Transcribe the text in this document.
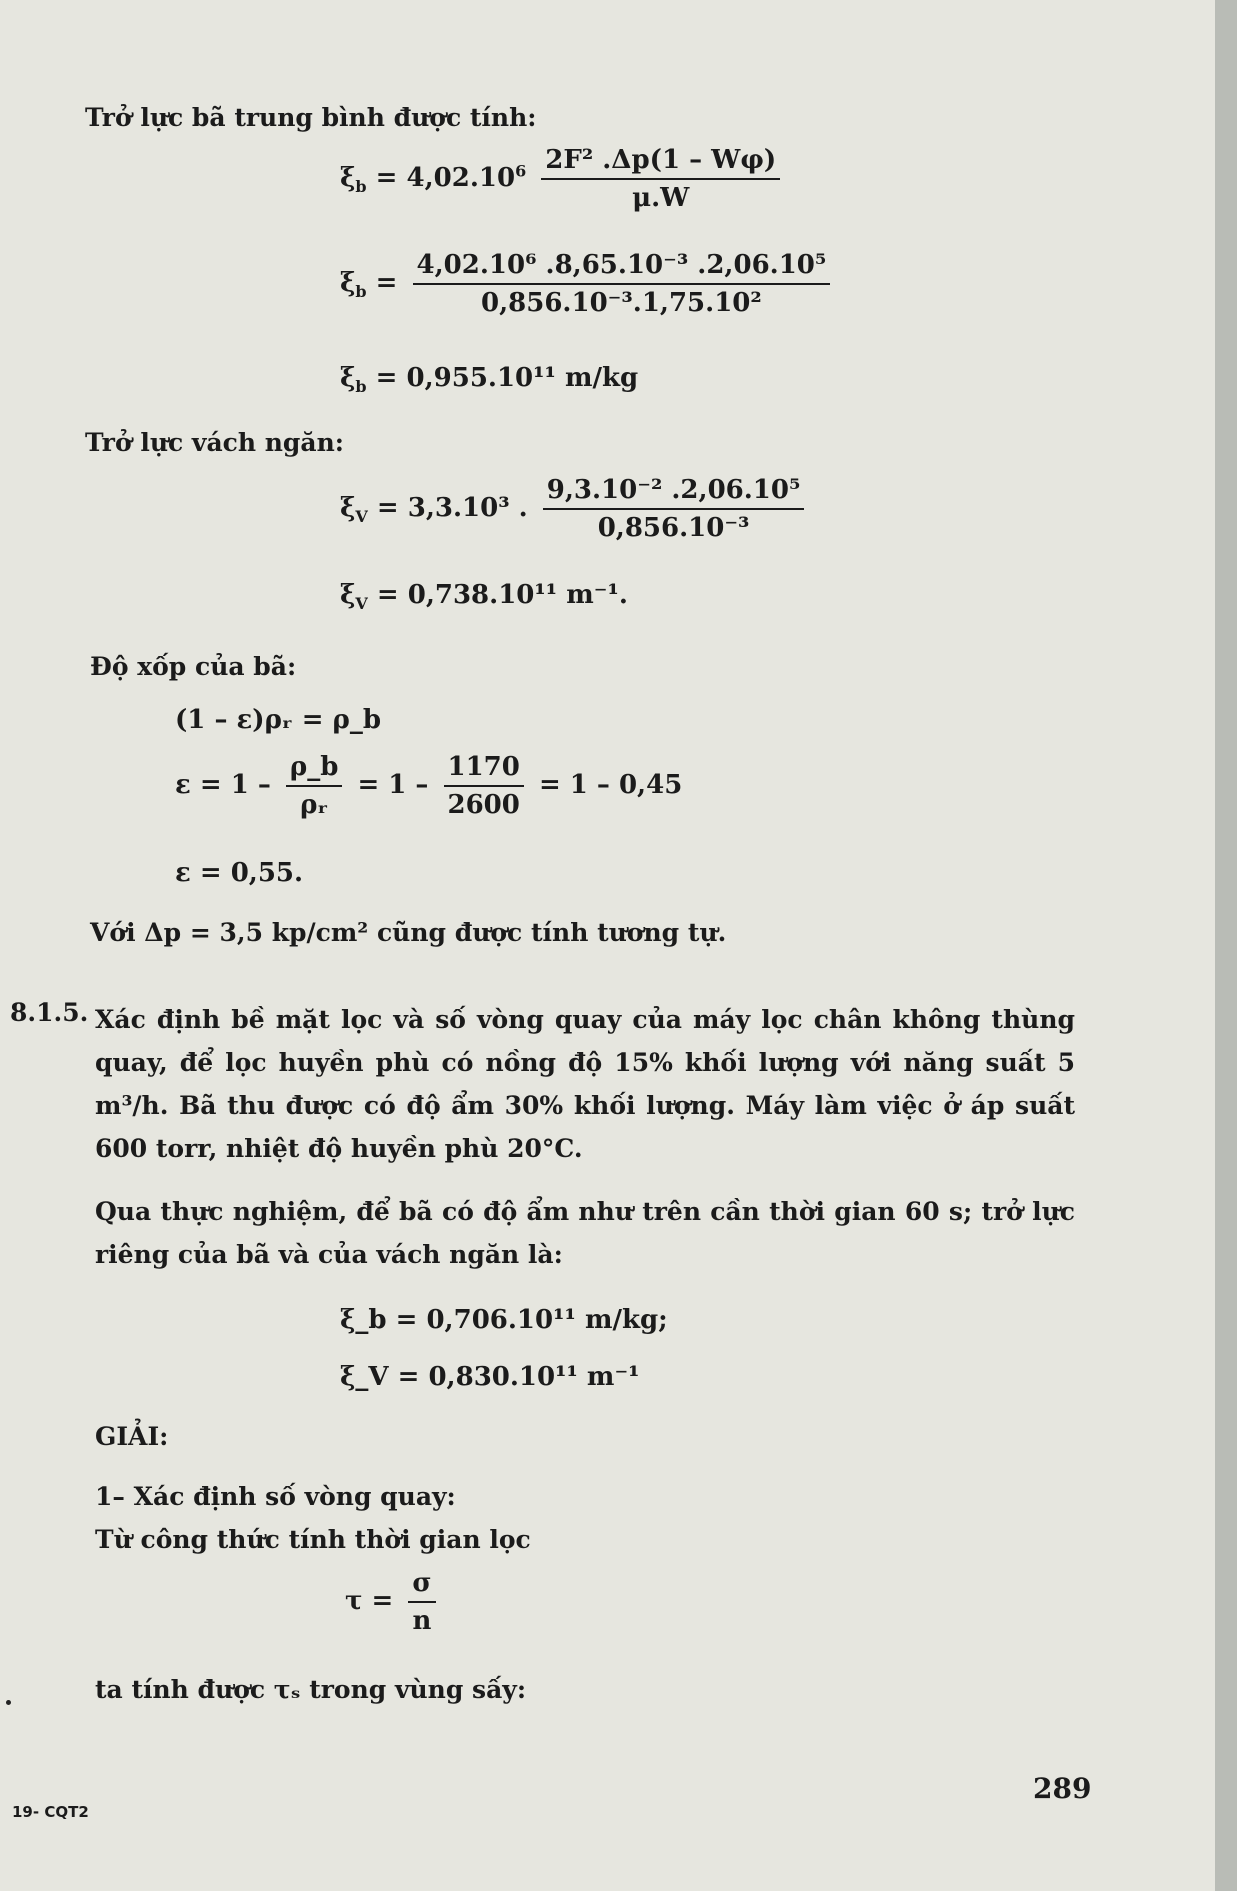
Trở lực bã trung bình được tính:
$\xi_b = 4,02.10^6 \frac{\text{2F² .Δp(1 – Wφ)}}{\mu.W}$
$\xi_b = \frac{\text{4,02.10⁶ .8,65.10⁻³ .2,06.10⁵}}{\text{0,856.10⁻³.1,75.10²}}$
$\xi_b = 0,955.10^{11}$ m/kg
Trở lực vách ngăn:
$\xi_V = 3,3.10^3$ . $\frac{\text{9,3.10⁻² .2,06.10⁵}}{\text{0,856.10⁻³}}$
$\xi_V = 0,738.10^{11}$ m⁻¹.
Độ xốp của bã:
(1 – ε)ρᵣ = ρ_b
$\varepsilon = 1 - \frac{\rho\_b}{\text{ρᵣ}} = 1 - \frac{1170}{2600} = 1 - 0,45$
ε = 0,55.
Với Δp = 3,5 kp/cm² cũng được tính tương tự.
8.1.5. Xác định bề mặt lọc và số vòng quay của máy lọc chân không thùng quay, để lọc huyền phù có nồng độ 15% khối lượng với năng suất 5 m³/h. Bã thu được có độ ẩm 30% khối lượng. Máy làm việc ở áp suất 600 torr, nhiệt độ huyền phù 20°C.
Qua thực nghiệm, để bã có độ ẩm như trên cần thời gian 60 s; trở lực riêng của bã và của vách ngăn là:
ξ_b = 0,706.10¹¹ m/kg;
ξ_V = 0,830.10¹¹ m⁻¹
GIẢI:
1– Xác định số vòng quay:
Từ công thức tính thời gian lọc
$\tau = \frac{\sigma}{n}$
ta tính được τₛ trong vùng sấy:
19- CQT2
289
